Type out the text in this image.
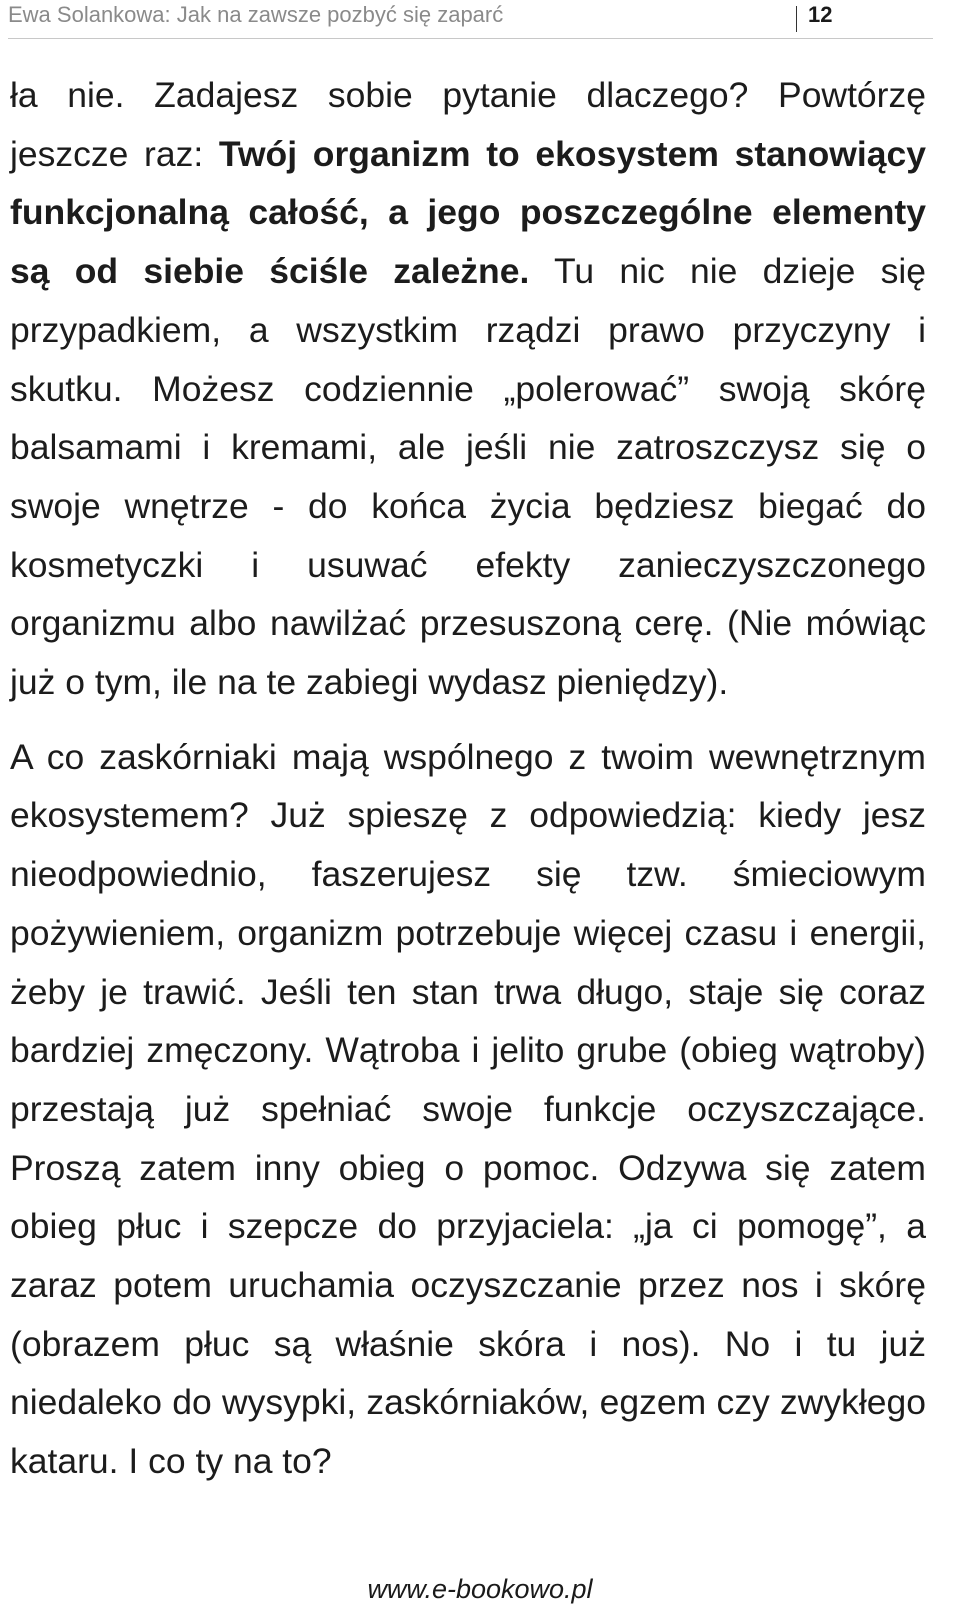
Ewa Solankowa: Jak na zawsze pozbyć się zaparć	12

ła nie. Zadajesz sobie pytanie dlaczego? Powtórzę jeszcze raz: Twój organizm to ekosystem stanowiący funkcjonalną całość, a jego poszczególne elementy są od siebie ściśle zależne. Tu nic nie dzieje się przypadkiem, a wszystkim rządzi prawo przyczyny i skutku. Możesz codziennie „polerować” swoją skórę balsamami i kremami, ale jeśli nie zatroszczysz się o swoje wnętrze - do końca życia będziesz biegać do kosmetyczki i usuwać efekty zanieczyszczonego organizmu albo nawilżać przesuszoną cerę. (Nie mówiąc już o tym, ile na te zabiegi wydasz pieniędzy).

A co zaskórniaki mają wspólnego z twoim wewnętrznym ekosystemem? Już spieszę z odpowiedzią: kiedy jesz nieodpowiednio, faszerujesz się tzw. śmieciowym pożywieniem, organizm potrzebuje więcej czasu i energii, żeby je trawić. Jeśli ten stan trwa długo, staje się coraz bardziej zmęczony. Wątroba i jelito grube (obieg wątroby) przestają już spełniać swoje funkcje oczyszczające. Proszą zatem inny obieg o pomoc. Odzywa się zatem obieg płuc i szepcze do przyjaciela: „ja ci pomogę”, a zaraz potem uruchamia oczyszczanie przez nos i skórę (obrazem płuc są właśnie skóra i nos). No i tu już niedaleko do wysypki, zaskórniaków, egzem czy zwykłego kataru. I co ty na to?

www.e-bookowo.pl
